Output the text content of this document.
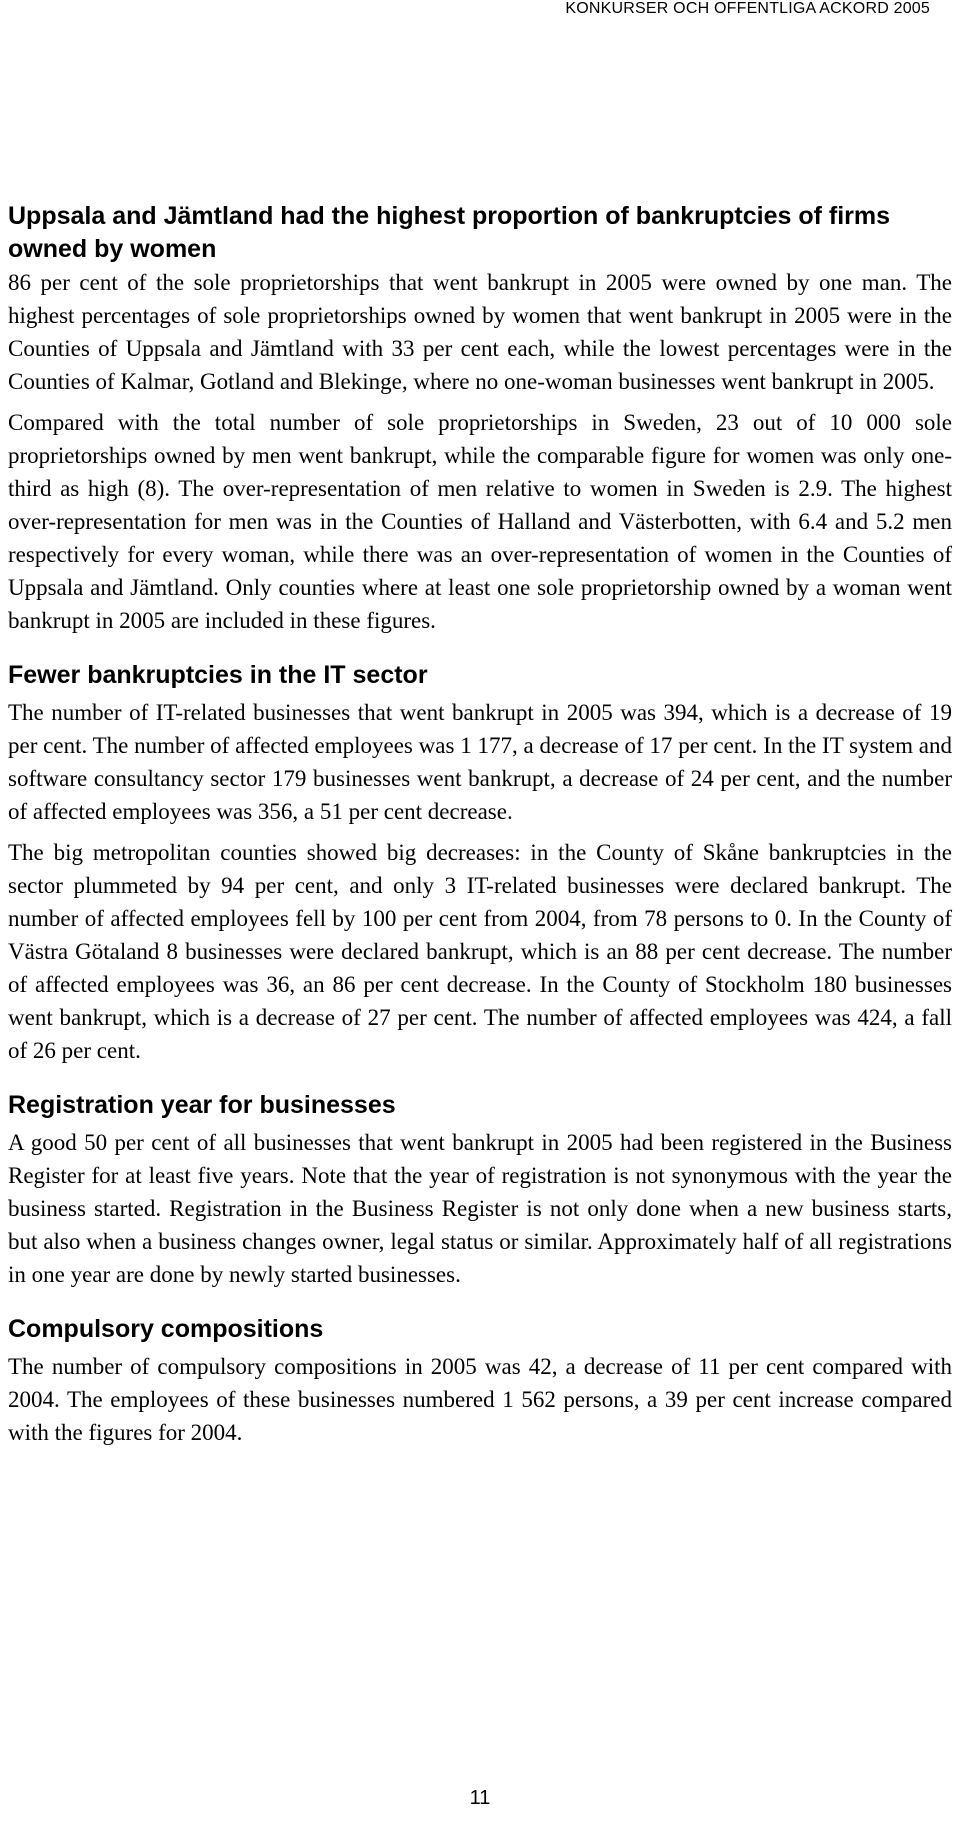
KONKURSER OCH OFFENTLIGA ACKORD 2005
Uppsala and Jämtland had the highest proportion of bankruptcies of firms owned by women

86 per cent of the sole proprietorships that went bankrupt in 2005 were owned by one man. The highest percentages of sole proprietorships owned by women that went bankrupt in 2005 were in the Counties of Uppsala and Jämtland with 33 per cent each, while the lowest percentages were in the Counties of Kalmar, Gotland and Blekinge, where no one-woman businesses went bankrupt in 2005.

Compared with the total number of sole proprietorships in Sweden, 23 out of 10 000 sole proprietorships owned by men went bankrupt, while the comparable figure for women was only one-third as high (8). The over-representation of men relative to women in Sweden is 2.9. The highest over-representation for men was in the Counties of Halland and Västerbotten, with 6.4 and 5.2 men respectively for every woman, while there was an over-representation of women in the Counties of Uppsala and Jämtland. Only counties where at least one sole proprietorship owned by a woman went bankrupt in 2005 are included in these figures.

Fewer bankruptcies in the IT sector

The number of IT-related businesses that went bankrupt in 2005 was 394, which is a decrease of 19 per cent. The number of affected employees was 1 177, a decrease of 17 per cent. In the IT system and software consultancy sector 179 businesses went bankrupt, a decrease of 24 per cent, and the number of affected employees was 356, a 51 per cent decrease.

The big metropolitan counties showed big decreases: in the County of Skåne bankruptcies in the sector plummeted by 94 per cent, and only 3 IT-related businesses were declared bankrupt. The number of affected employees fell by 100 per cent from 2004, from 78 persons to 0. In the County of Västra Götaland 8 businesses were declared bankrupt, which is an 88 per cent decrease. The number of affected employees was 36, an 86 per cent decrease. In the County of Stockholm 180 businesses went bankrupt, which is a decrease of 27 per cent. The number of affected employees was 424, a fall of 26 per cent.

Registration year for businesses

A good 50 per cent of all businesses that went bankrupt in 2005 had been registered in the Business Register for at least five years. Note that the year of registration is not synonymous with the year the business started. Registration in the Business Register is not only done when a new business starts, but also when a business changes owner, legal status or similar. Approximately half of all registrations in one year are done by newly started businesses.

Compulsory compositions

The number of compulsory compositions in 2005 was 42, a decrease of 11 per cent compared with 2004. The employees of these businesses numbered 1 562 persons, a 39 per cent increase compared with the figures for 2004.

11
